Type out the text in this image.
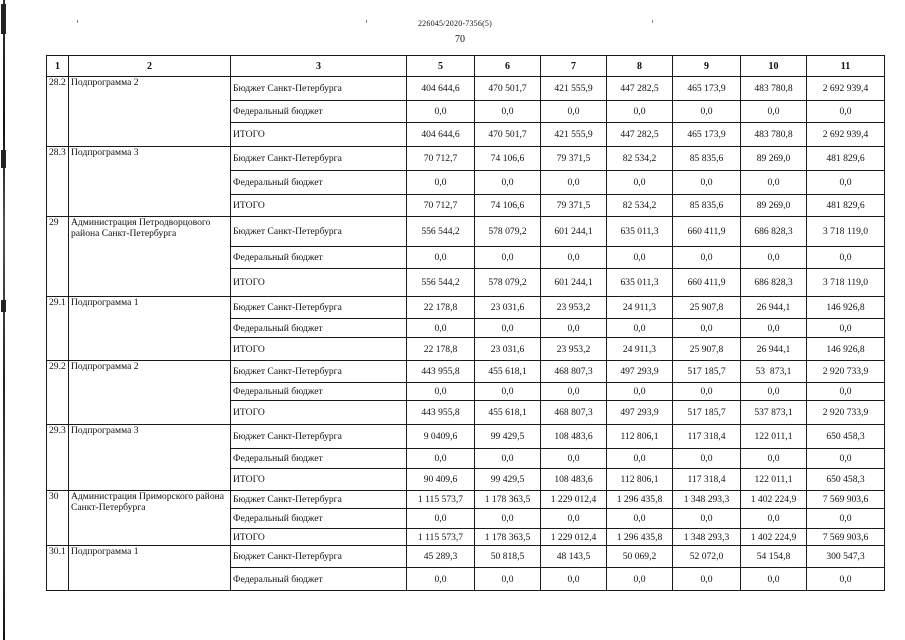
226045/2020-7356(5)
70
1	2	3	5	6	7	8	9	10	11
28.2	Подпрограмма 2	Бюджет Санкт-Петербурга	404 644,6	470 501,7	421 555,9	447 282,5	465 173,9	483 780,8	2 692 939,4
		Федеральный бюджет	0,0	0,0	0,0	0,0	0,0	0,0	0,0
		ИТОГО	404 644,6	470 501,7	421 555,9	447 282,5	465 173,9	483 780,8	2 692 939,4
28.3	Подпрограмма 3	Бюджет Санкт-Петербурга	70 712,7	74 106,6	79 371,5	82 534,2	85 835,6	89 269,0	481 829,6
		Федеральный бюджет	0,0	0,0	0,0	0,0	0,0	0,0	0,0
		ИТОГО	70 712,7	74 106,6	79 371,5	82 534,2	85 835,6	89 269,0	481 829,6
29	Администрация Петродворцового района Санкт-Петербурга	Бюджет Санкт-Петербурга	556 544,2	578 079,2	601 244,1	635 011,3	660 411,9	686 828,3	3 718 119,0
		Федеральный бюджет	0,0	0,0	0,0	0,0	0,0	0,0	0,0
		ИТОГО	556 544,2	578 079,2	601 244,1	635 011,3	660 411,9	686 828,3	3 718 119,0
29.1	Подпрограмма 1	Бюджет Санкт-Петербурга	22 178,8	23 031,6	23 953,2	24 911,3	25 907,8	26 944,1	146 926,8
		Федеральный бюджет	0,0	0,0	0,0	0,0	0,0	0,0	0,0
		ИТОГО	22 178,8	23 031,6	23 953,2	24 911,3	25 907,8	26 944,1	146 926,8
29.2	Подпрограмма 2	Бюджет Санкт-Петербурга	443 955,8	455 618,1	468 807,3	497 293,9	517 185,7	53  873,1	2 920 733,9
		Федеральный бюджет	0,0	0,0	0,0	0,0	0,0	0,0	0,0
		ИТОГО	443 955,8	455 618,1	468 807,3	497 293,9	517 185,7	537 873,1	2 920 733,9
29.3	Подпрограмма 3	Бюджет Санкт-Петербурга	9 0409,6	99 429,5	108 483,6	112 806,1	117 318,4	122 011,1	650 458,3
		Федеральный бюджет	0,0	0,0	0,0	0,0	0,0	0,0	0,0
		ИТОГО	90 409,6	99 429,5	108 483,6	112 806,1	117 318,4	122 011,1	650 458,3
30	Администрация Приморского района Санкт-Петербурга	Бюджет Санкт-Петербурга	1 115 573,7	1 178 363,5	1 229 012,4	1 296 435,8	1 348 293,3	1 402 224,9	7 569 903,6
		Федеральный бюджет	0,0	0,0	0,0	0,0	0,0	0,0	0,0
		ИТОГО	1 115 573,7	1 178 363,5	1 229 012,4	1 296 435,8	1 348 293,3	1 402 224,9	7 569 903,6
30.1	Подпрограмма 1	Бюджет Санкт-Петербурга	45 289,3	50 818,5	48 143,5	50 069,2	52 072,0	54 154,8	300 547,3
		Федеральный бюджет	0,0	0,0	0,0	0,0	0,0	0,0	0,0
